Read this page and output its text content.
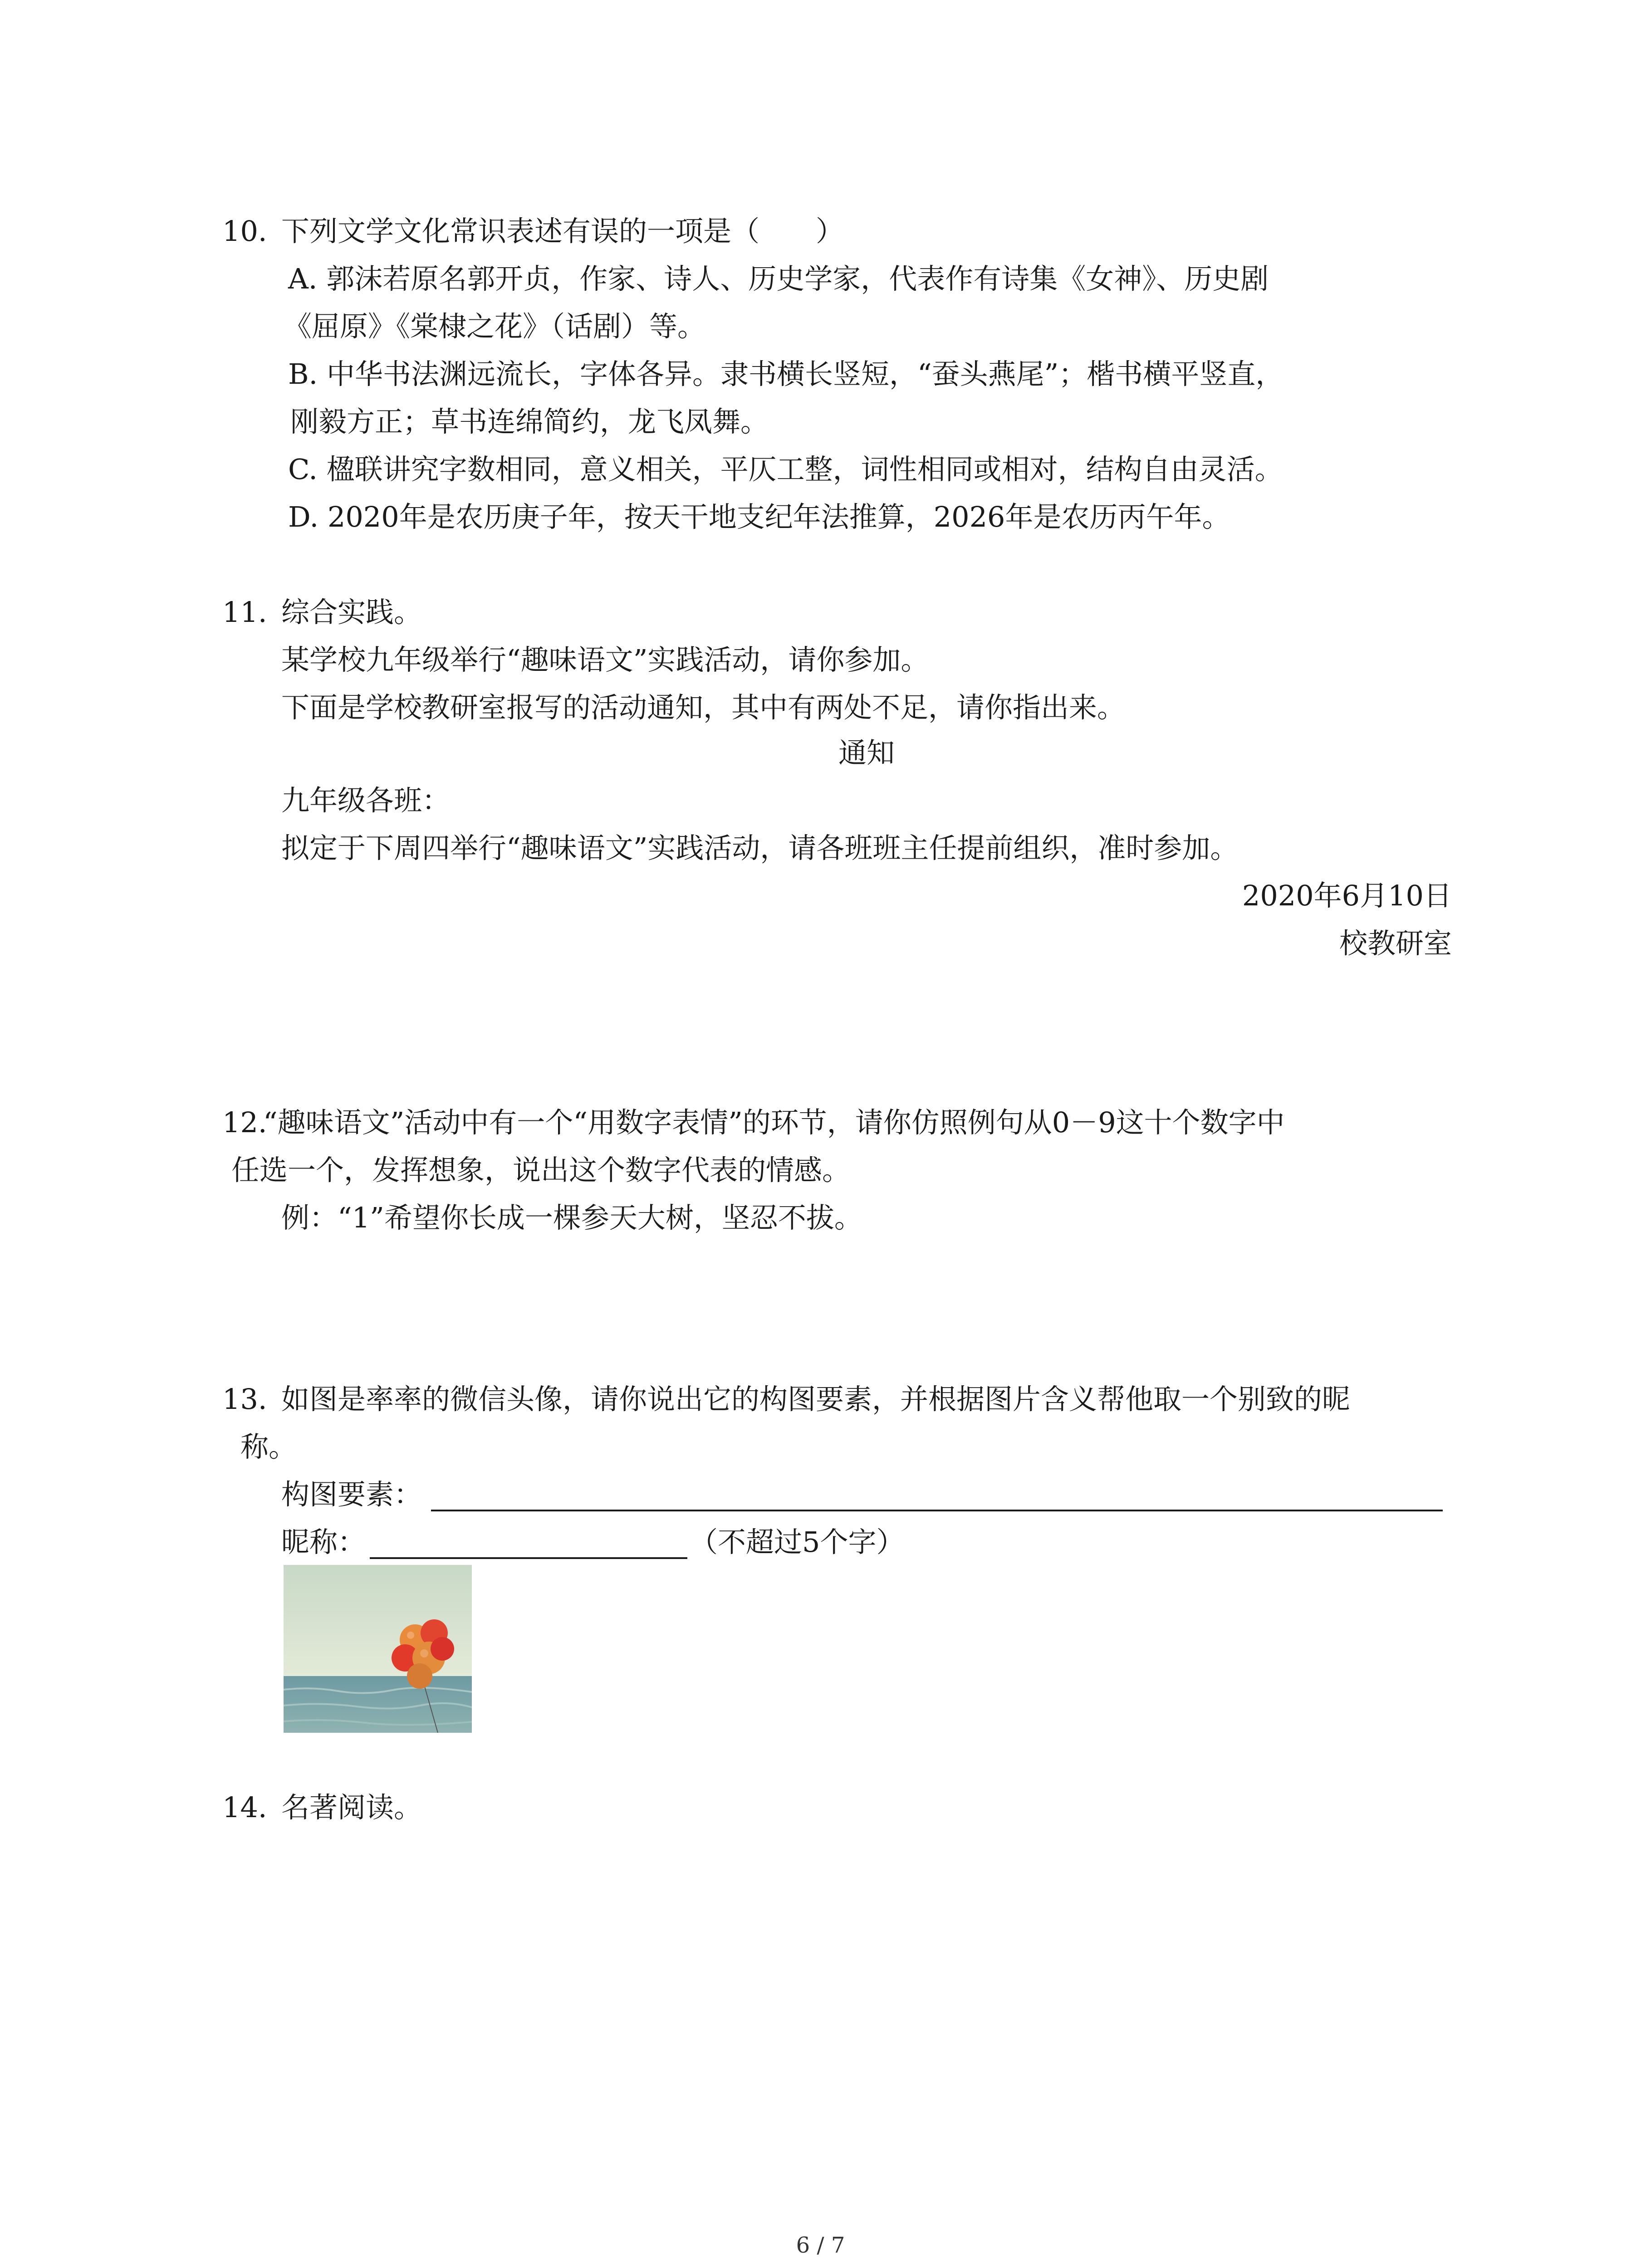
10. 下列文学文化常识表述有误的一项是（　　）
A. 郭沫若原名郭开贞，作家、诗人、历史学家，代表作有诗集《女神》、历史剧
《屈原》《棠棣之花》（话剧）等。
B. 中华书法渊远流长，字体各异。隶书横长竖短，“蚕头燕尾”；楷书横平竖直，
刚毅方正；草书连绵简约，龙飞凤舞。
C. 楹联讲究字数相同，意义相关，平仄工整，词性相同或相对，结构自由灵活。
D. 2020年是农历庚子年，按天干地支纪年法推算，2026年是农历丙午年。
11. 综合实践。
某学校九年级举行“趣味语文”实践活动，请你参加。
下面是学校教研室报写的活动通知，其中有两处不足，请你指出来。
通知
九年级各班：
拟定于下周四举行“趣味语文”实践活动，请各班班主任提前组织，准时参加。
2020年6月10日
校教研室
12.
“趣味语文”活动中有一个“用数字表情”的环节，请你仿照例句从0－9这十个数字中
任选一个，发挥想象，说出这个数字代表的情感。
例：“1”希望你长成一棵参天大树，坚忍不拔。
13. 如图是率率的微信头像，请你说出它的构图要素，并根据图片含义帮他取一个别致的昵
称。
构图要素：
昵称：	（不超过5个字）
14. 名著阅读。
6 / 7
